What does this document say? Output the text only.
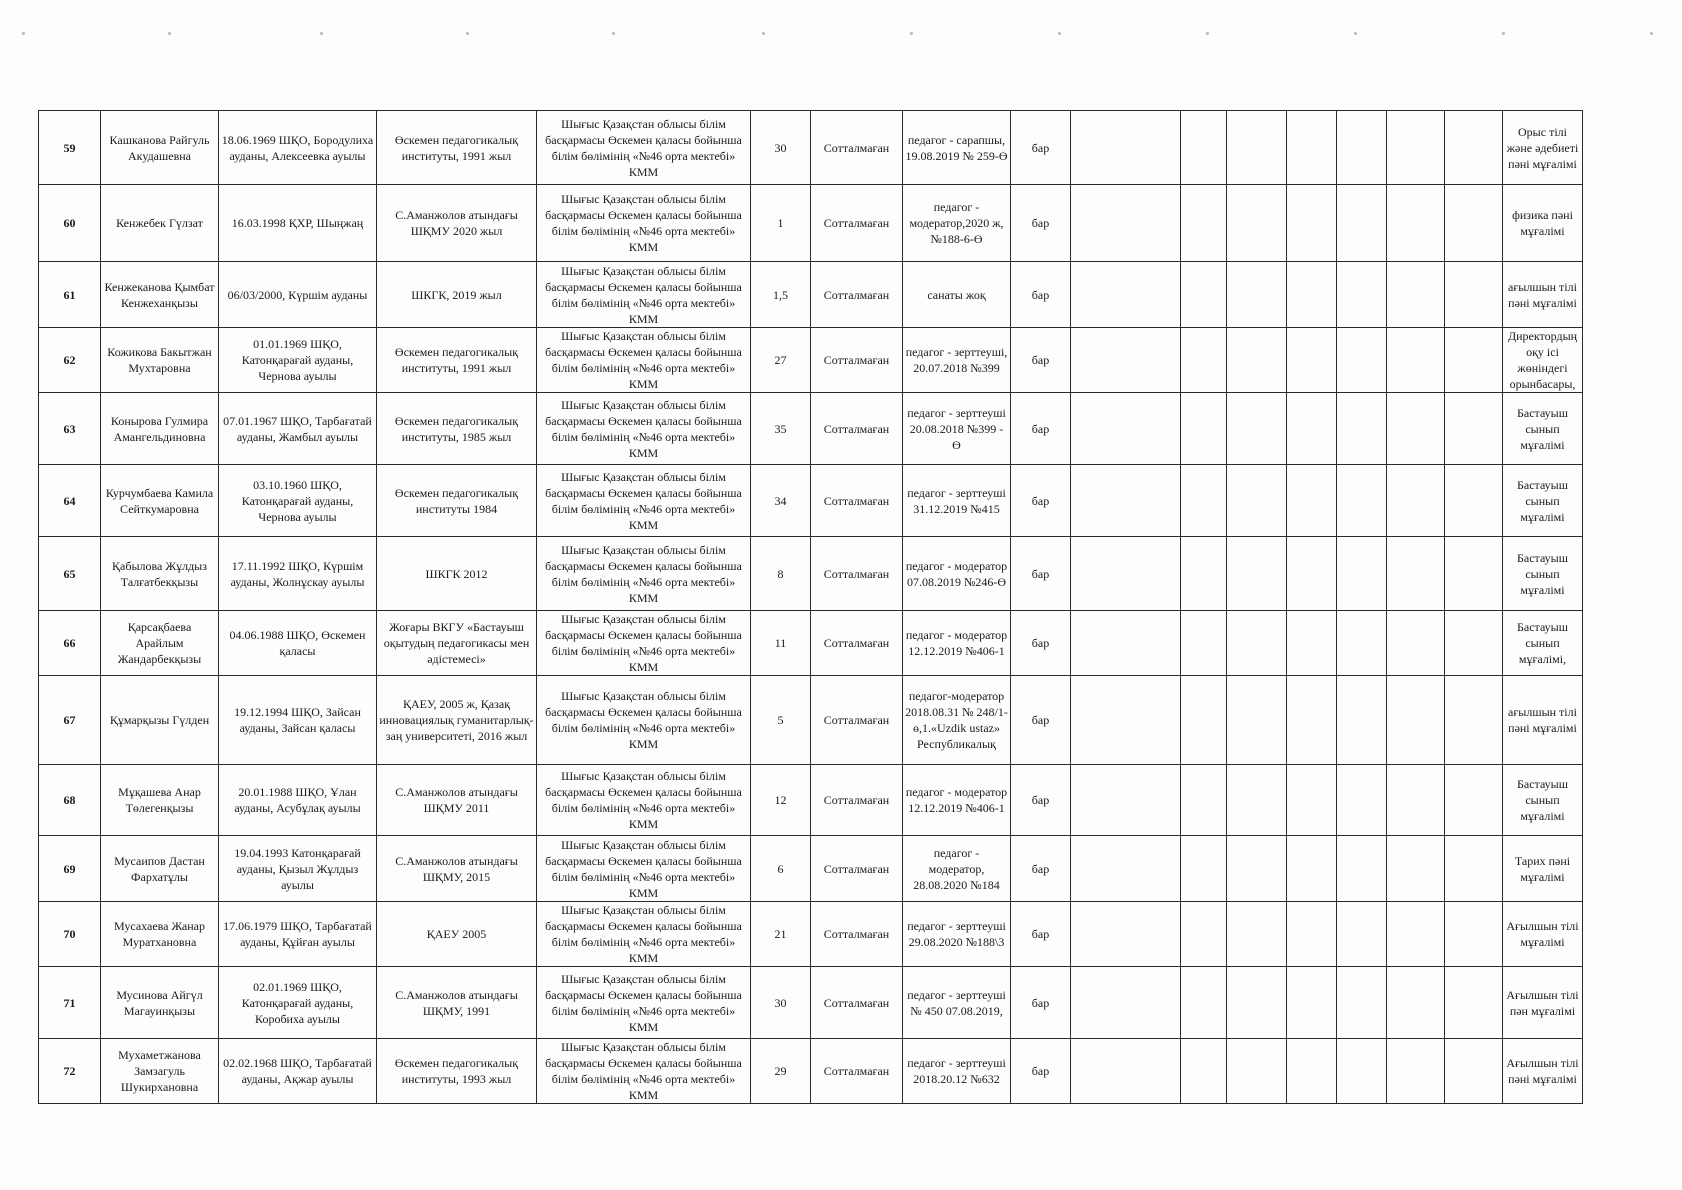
59	Кашканова Райгуль Акудашевна	18.06.1969 ШҚО, Бородулиха ауданы, Алексеевка ауылы	Өскемен педагогикалық институты, 1991 жыл	Шығыс Қазақстан облысы білім басқармасы Өскемен қаласы бойынша білім бөлімінің «№46 орта мектебі» КММ	30	Сотталмаған	педагог - сарапшы, 19.08.2019 № 259-Ө	бар								Орыс тілі және әдебиеті пәні мұғалімі
60	Кенжебек Гүлзат	16.03.1998 ҚХР, Шыңжаң	С.Аманжолов атындағы ШҚМУ 2020 жыл	Шығыс Қазақстан облысы білім басқармасы Өскемен қаласы бойынша білім бөлімінің «№46 орта мектебі» КММ	1	Сотталмаған	педагог - модератор,2020 ж,№188-6-Ө	бар								физика пәні мұғалімі
61	Кенжеканова Қымбат Кенжеханқызы	06/03/2000, Күршім ауданы	ШКГК, 2019 жыл	Шығыс Қазақстан облысы білім басқармасы Өскемен қаласы бойынша білім бөлімінің «№46 орта мектебі» КММ	1,5	Сотталмаған	санаты жоқ	бар								ағылшын тілі пәні мұғалімі
62	Кожикова Бакытжан Мухтаровна	01.01.1969 ШҚО, Катонқарағай ауданы, Чернова ауылы	Өскемен педагогикалық институты, 1991 жыл	Шығыс Қазақстан облысы білім басқармасы Өскемен қаласы бойынша білім бөлімінің «№46 орта мектебі» КММ	27	Сотталмаған	педагог - зерттеуші, 20.07.2018 №399	бар								Директордың оқу ісі жөніндегі орынбасары,
63	Коныровa Гулмира Амангельдиновна	07.01.1967 ШҚО, Тарбағатай ауданы, Жамбыл ауылы	Өскемен педагогикалық институты, 1985 жыл	Шығыс Қазақстан облысы білім басқармасы Өскемен қаласы бойынша білім бөлімінің «№46 орта мектебі» КММ	35	Сотталмаған	педагог - зерттеуші 20.08.2018 №399 - Ө	бар								Бастауыш сынып мұғалімі
64	Курчумбаева Камила Сейткумаровна	03.10.1960 ШҚО, Катонқарағай ауданы, Чернова ауылы	Өскемен педагогикалық институты 1984	Шығыс Қазақстан облысы білім басқармасы Өскемен қаласы бойынша білім бөлімінің «№46 орта мектебі» КММ	34	Сотталмаған	педагог - зерттеуші 31.12.2019 №415	бар								Бастауыш сынып мұғалімі
65	Қабылова Жұлдыз Талғатбекқызы	17.11.1992 ШҚО, Күршім ауданы, Жолнұскау ауылы	ШКГК 2012	Шығыс Қазақстан облысы білім басқармасы Өскемен қаласы бойынша білім бөлімінің «№46 орта мектебі» КММ	8	Сотталмаған	педагог - модератор 07.08.2019 №246-Ө	бар								Бастауыш сынып мұғалімі
66	Қарсақбаева Арайлым Жандарбекқызы	04.06.1988 ШҚО, Өскемен қаласы	Жоғары ВКГУ «Бастауыш оқытудың педагогикасы мен әдістемесі»	Шығыс Қазақстан облысы білім басқармасы Өскемен қаласы бойынша білім бөлімінің «№46 орта мектебі» КММ	11	Сотталмаған	педагог - модератор 12.12.2019 №406-1	бар								Бастауыш сынып мұғалімі,
67	Құмарқызы Гүлден	19.12.1994 ШҚО, Зайсан ауданы, Зайсан қаласы	ҚАЕУ, 2005 ж, Қазақ инновациялық гуманитарлық-заң университеті, 2016 жыл	Шығыс Қазақстан облысы білім басқармасы Өскемен қаласы бойынша білім бөлімінің «№46 орта мектебі» КММ	5	Сотталмаған	педагог-модератор 2018.08.31 № 248/1-ө,1.«Uzdik ustaz» Республикалық	бар								ағылшын тілі пәні мұғалімі
68	Мұқашева Анар Төлегенқызы	20.01.1988 ШҚО, Ұлан ауданы, Асубұлақ ауылы	С.Аманжолов атындағы ШҚМУ 2011	Шығыс Қазақстан облысы білім басқармасы Өскемен қаласы бойынша білім бөлімінің «№46 орта мектебі» КММ	12	Сотталмаған	педагог - модератор 12.12.2019 №406-1	бар								Бастауыш сынып мұғалімі
69	Мусаипов Дастан Фархатұлы	19.04.1993 Катонқарағай ауданы, Қызыл Жұлдыз ауылы	С.Аманжолов атындағы ШҚМУ, 2015	Шығыс Қазақстан облысы білім басқармасы Өскемен қаласы бойынша білім бөлімінің «№46 орта мектебі» КММ	6	Сотталмаған	педагог - модератор, 28.08.2020 №184	бар								Тарих пәні мұғалімі
70	Мусахаева Жанар Муратхановна	17.06.1979 ШҚО, Тарбағатай ауданы, Құйған ауылы	ҚАЕУ 2005	Шығыс Қазақстан облысы білім басқармасы Өскемен қаласы бойынша білім бөлімінің «№46 орта мектебі» КММ	21	Сотталмаған	педагог - зерттеуші 29.08.2020 №188\3	бар								Ағылшын тілі мұғалімі
71	Мусинова Айгүл Магауинқызы	02.01.1969 ШҚО, Катонқарағай ауданы, Коробиха ауылы	С.Аманжолов атындағы ШҚМУ, 1991	Шығыс Қазақстан облысы білім басқармасы Өскемен қаласы бойынша білім бөлімінің «№46 орта мектебі» КММ	30	Сотталмаған	педагог - зерттеуші № 450 07.08.2019,	бар								Ағылшын тілі пән мұғалімі
72	Мухаметжанова Замзагуль Шукирхановна	02.02.1968 ШҚО, Тарбағатай ауданы, Ақжар ауылы	Өскемен педагогикалық институты, 1993 жыл	Шығыс Қазақстан облысы білім басқармасы Өскемен қаласы бойынша білім бөлімінің «№46 орта мектебі» КММ	29	Сотталмаған	педагог - зерттеуші 2018.20.12 №632	бар								Ағылшын тілі пәні мұғалімі
